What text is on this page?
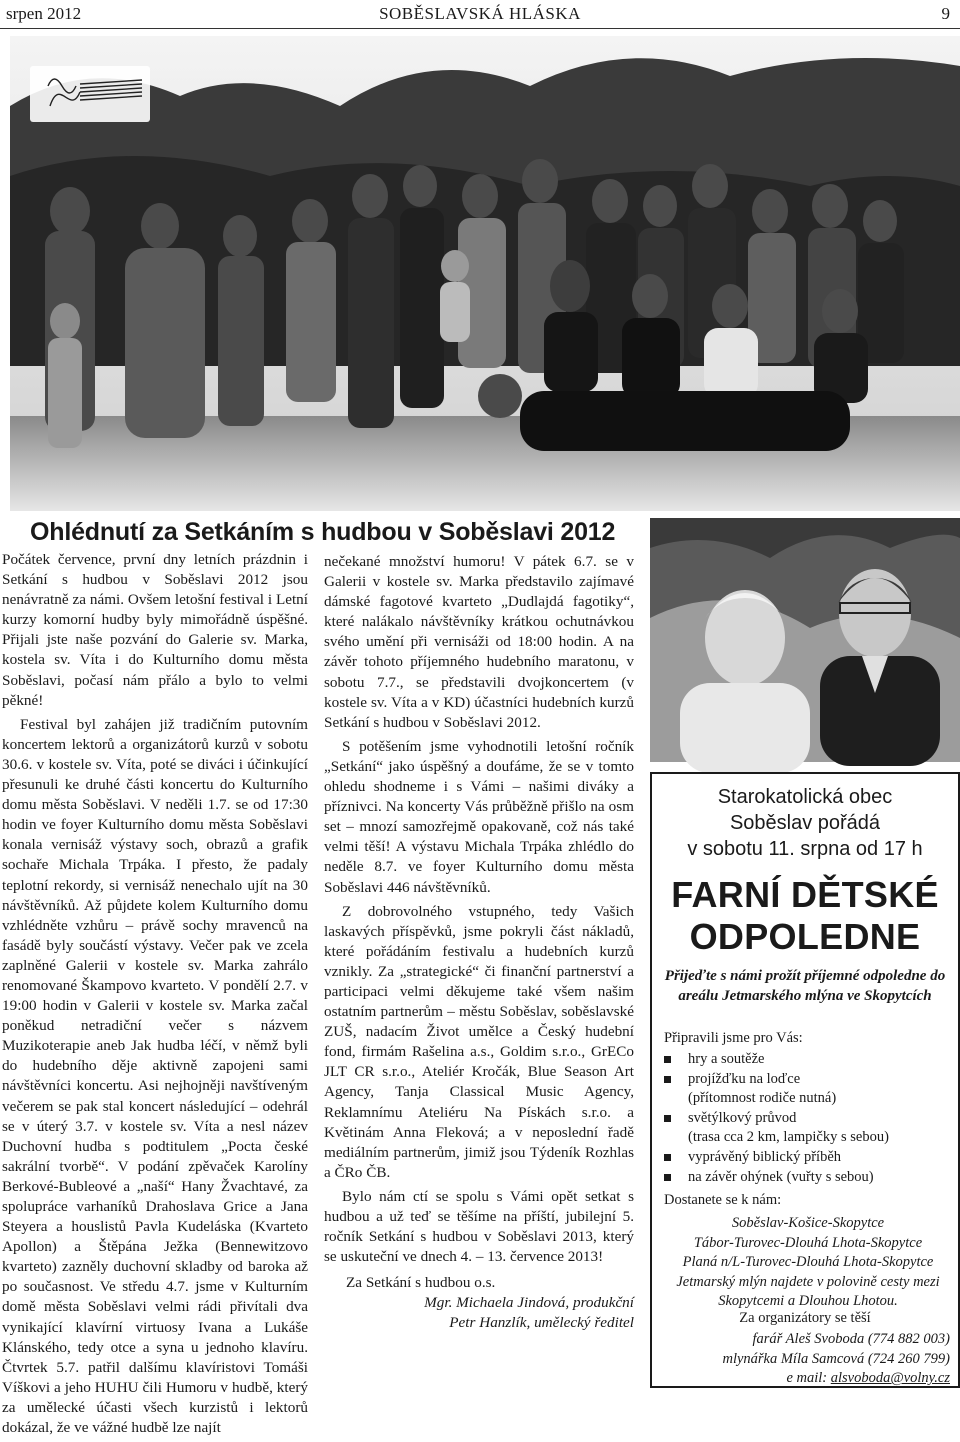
srpen 2012	SOBĚSLAVSKÁ HLÁSKA	9
Ohlédnutí za Setkáním s hudbou v Soběslavi 2012

Počátek července, první dny letních prázdnin i Setkání s hudbou v Soběslavi 2012 jsou nenávratně za námi. Ovšem letošní festival i Letní kurzy komorní hudby byly mimořádně úspěšné. Přijali jste naše pozvání do Galerie sv. Marka, kostela sv. Víta i do Kulturního domu města Soběslavi, počasí nám přálo a bylo to velmi pěkné!

Festival byl zahájen již tradičním putovním koncertem lektorů a organizátorů kurzů v sobotu 30.6. v kostele sv. Víta, poté se diváci i účinkující přesunuli ke druhé části koncertu do Kulturního domu města Soběslavi. V neděli 1.7. se od 17:30 hodin ve foyer Kulturního domu města Soběslavi konala vernisáž výstavy soch, obrazů a grafik sochaře Michala Trpáka. I přesto, že padaly teplotní rekordy, si vernisáž nenechalo ujít na 30 návštěvníků. Až půjdete kolem Kulturního domu vzhlédněte vzhůru – právě sochy mravenců na fasádě byly součástí výstavy. Večer pak ve zcela zaplněné Galerii v kostele sv. Marka zahrálo renomované Škampovo kvarteto. V pondělí 2.7. v 19:00 hodin v Galerii v kostele sv. Marka začal poněkud netradiční večer s názvem Muzikoterapie aneb Jak hudba léčí, v němž byli do hudebního děje aktivně zapojeni sami návštěvníci koncertu. Asi nejhojněji navštíveným večerem se pak stal koncert následující – odehrál se v úterý 3.7. v kostele sv. Víta a nesl název Duchovní hudba s podtitulem „Pocta české sakrální tvorbě“. V podání zpěvaček Karolíny Berkové-Bubleové a „naší“ Hany Žvachtavé, za spolupráce varhaníků Drahoslava Grice a Jana Steyera a houslistů Pavla Kudeláska (Kvarteto Apollon) a Štěpána Ježka (Bennewitzovo kvarteto) zazněly duchovní skladby od baroka až po současnost. Ve středu 4.7. jsme v Kulturním domě města Soběslavi velmi rádi přivítali dva vynikající klavírní virtuosy Ivana a Lukáše Klánského, tedy otce a syna u jednoho klavíru. Čtvrtek 5.7. patřil dalšímu klavíristovi Tomáši Víškovi a jeho HUHU čili Humoru v hudbě, který za umělecké účasti všech kurzistů i lektorů dokázal, že ve vážné hudbě lze najít

nečekané množství humoru! V pátek 6.7. se v Galerii v kostele sv. Marka představilo zajímavé dámské fagotové kvarteto „Dudlajdá fagotiky“, které nalákalo návštěvníky krátkou ochutnávkou svého umění při vernisáži od 18:00 hodin. A na závěr tohoto příjemného hudebního maratonu, v sobotu 7.7., se představili dvojkoncertem (v kostele sv. Víta a v KD) účastníci hudebních kurzů Setkání s hudbou v Soběslavi 2012.

S potěšením jsme vyhodnotili letošní ročník „Setkání“ jako úspěšný a doufáme, že se v tomto ohledu shodneme i s Vámi – našimi diváky a příznivci. Na koncerty Vás průběžně přišlo na osm set – mnozí samozřejmě opakovaně, což nás také velmi těší! A výstavu Michala Trpáka zhlédlo do neděle 8.7. ve foyer Kulturního domu města Soběslavi 446 návštěvníků.

Z dobrovolného vstupného, tedy Vašich laskavých příspěvků, jsme pokryli část nákladů, které pořádáním festivalu a hudebních kurzů vznikly. Za „strategické“ či finanční partnerství a participaci velmi děkujeme také všem našim ostatním partnerům – městu Soběslav, soběslavské ZUŠ, nadacím Život umělce a Český hudební fond, firmám Rašelina a.s., Goldim s.r.o., GrECo JLT CR s.r.o., Ateliér Kročák, Blue Season Art Agency, Tanja Classical Music Agency, Reklamnímu Ateliéru Na Pískách s.r.o. a Květinám Anna Fleková; a v neposlední řadě mediálním partnerům, jimiž jsou Týdeník Rozhlas a ČRo ČB.

Bylo nám ctí se spolu s Vámi opět setkat s hudbou a už teď se těšíme na příští, jubilejní 5. ročník Setkání s hudbou v Soběslavi 2013, který se uskuteční ve dnech 4. – 13. července 2013!

Za Setkání s hudbou o.s.
Mgr. Michaela Jindová, produkční
Petr Hanzlík, umělecký ředitel
Starokatolická obec
Soběslav pořádá
v sobotu 11. srpna od 17 h
FARNÍ DĚTSKÉ
ODPOLEDNE
Přijeďte s námi prožít příjemné odpoledne do areálu Jetmarského mlýna ve Skopytcích
Připravili jsme pro Vás:
hry a soutěže
projížďku na loďce
(přítomnost rodiče nutná)
světýlkový průvod
(trasa cca 2 km, lampičky s sebou)
vyprávěný biblický příběh
na závěr ohýnek (vuřty s sebou)
Dostanete se k nám:
Soběslav-Košice-Skopytce
Tábor-Turovec-Dlouhá Lhota-Skopytce
Planá n/L-Turovec-Dlouhá Lhota-Skopytce
Jetmarský mlýn najdete v polovině cesty mezi Skopytcemi a Dlouhou Lhotou.
Za organizátory se těší
farář Aleš Svoboda (774 882 003)
mlynářka Míla Samcová (724 260 799)
e mail: alsvoboda@volny.cz
